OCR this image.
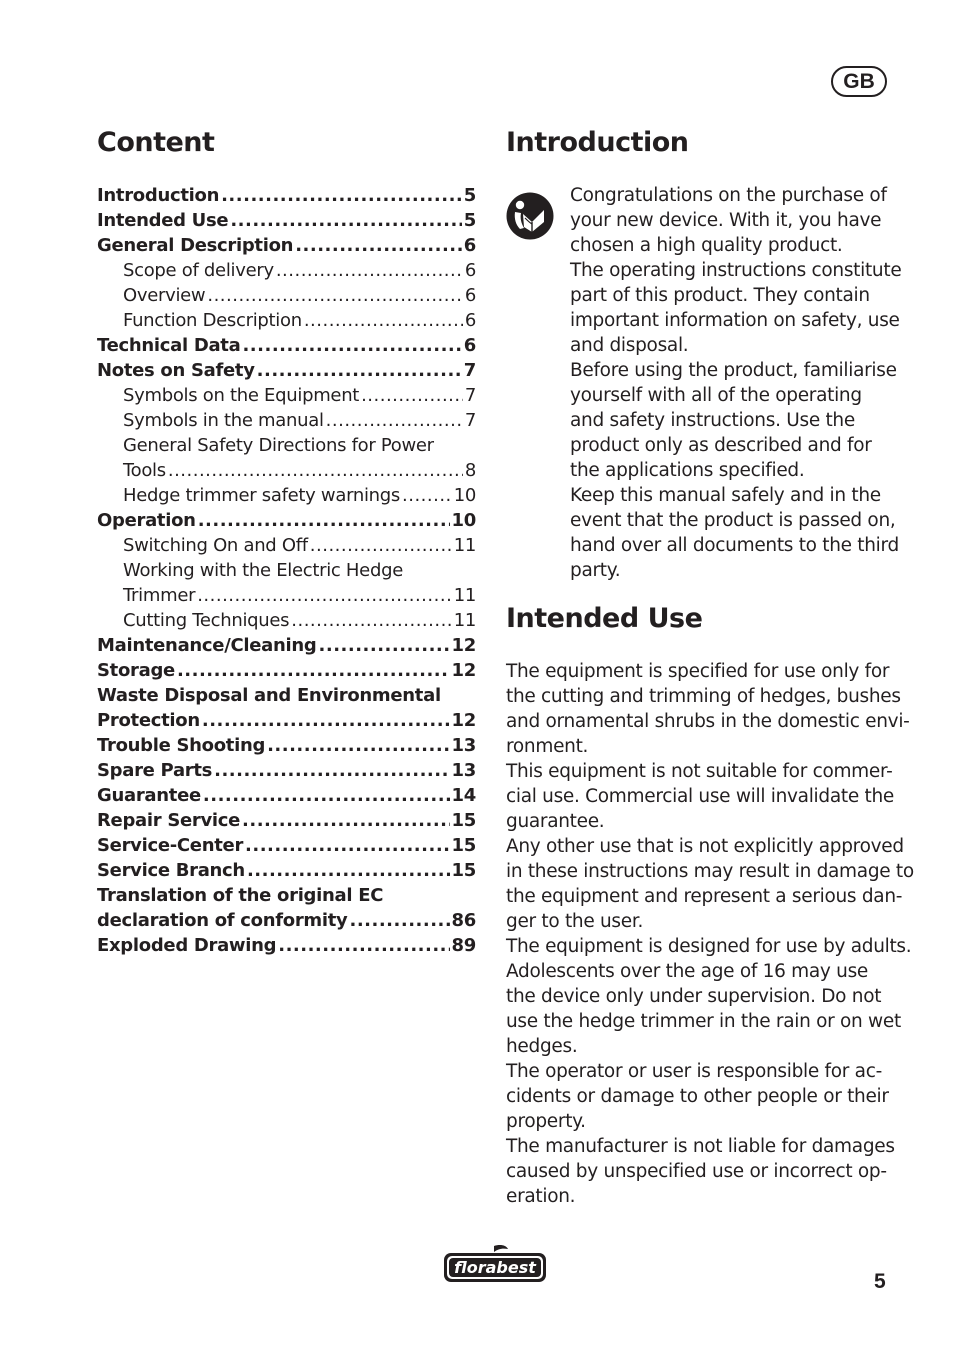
GB
Content
Introduction .....	5
Intended Use .....	5
General Description .....	6
Scope of delivery .....	6
Overview .....	6
Function Description .....	6
Technical Data .....	6
Notes on Safety .....	7
Symbols on the Equipment .....	7
Symbols in the manual .....	7
General Safety Directions for Power
Tools .....	8
Hedge trimmer safety warnings .....	10
Operation .....	10
Switching On and Off .....	11
Working with the Electric Hedge
Trimmer .....	11
Cutting Techniques .....	11
Maintenance/Cleaning .....	12
Storage .....	12
Waste Disposal and Environmental
Protection .....	12
Trouble Shooting .....	13
Spare Parts .....	13
Guarantee .....	14
Repair Service .....	15
Service-Center .....	15
Service Branch .....	15
Translation of the original EC
declaration of conformity .....	86
Exploded Drawing .....	89
Introduction
Congratulations on the purchase of
your new device. With it, you have
chosen a high quality product.
The operating instructions constitute
part of this product. They contain
important information on safety, use
and disposal.
Before using the product, familiarise
yourself with all of the operating
and safety instructions. Use the
product only as described and for
the applications specified.
Keep this manual safely and in the
event that the product is passed on,
hand over all documents to the third
party.
Intended Use
The equipment is specified for use only for
the cutting and trimming of hedges, bushes
and ornamental shrubs in the domestic envi-
ronment.
This equipment is not suitable for commer-
cial use. Commercial use will invalidate the
guarantee.
Any other use that is not explicitly approved
in these instructions may result in damage to
the equipment and represent a serious dan-
ger to the user.
The equipment is designed for use by adults.
Adolescents over the age of 16 may use
the device only under supervision. Do not
use the hedge trimmer in the rain or on wet
hedges.
The operator or user is responsible for ac-
cidents or damage to other people or their
property.
The manufacturer is not liable for damages
caused by unspecified use or incorrect op-
eration.
florabest
5
